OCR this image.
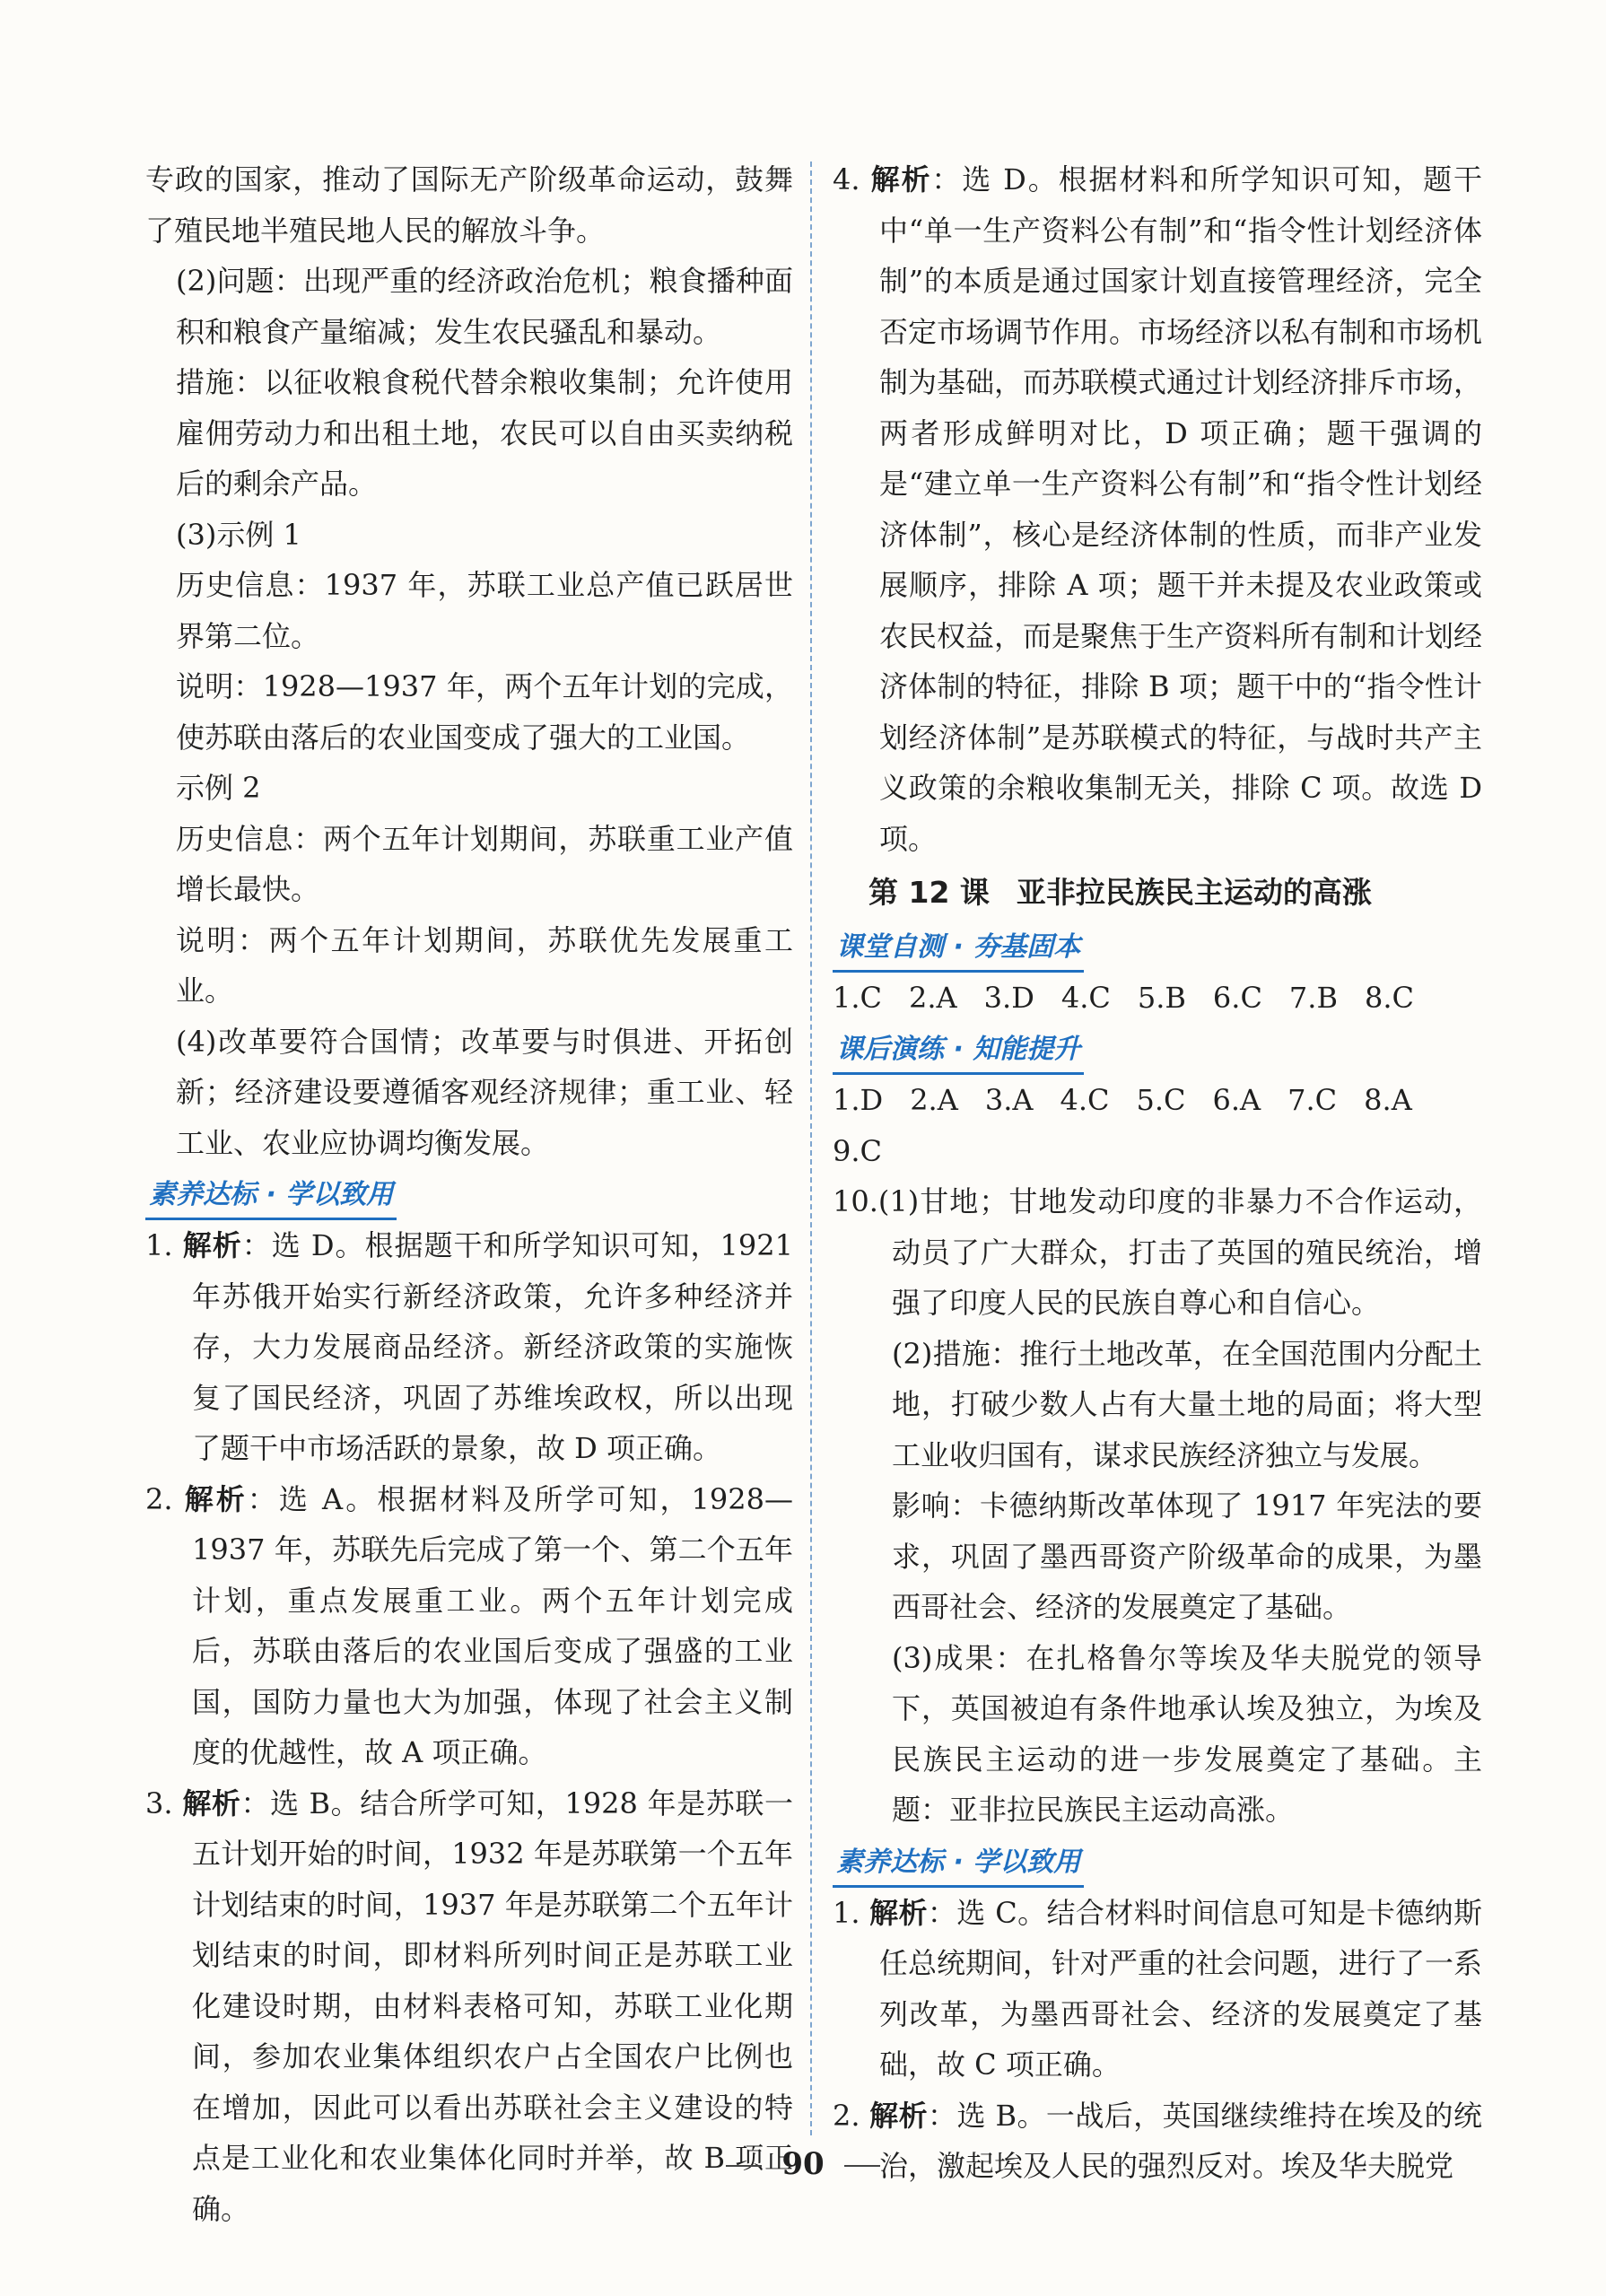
专政的国家，推动了国际无产阶级革命运动，鼓舞了殖民地半殖民地人民的解放斗争。

(2)问题：出现严重的经济政治危机；粮食播种面积和粮食产量缩减；发生农民骚乱和暴动。

措施：以征收粮食税代替余粮收集制；允许使用雇佣劳动力和出租土地，农民可以自由买卖纳税后的剩余产品。

(3)示例 1

历史信息：1937 年，苏联工业总产值已跃居世界第二位。

说明：1928—1937 年，两个五年计划的完成，使苏联由落后的农业国变成了强大的工业国。

示例 2

历史信息：两个五年计划期间，苏联重工业产值增长最快。

说明：两个五年计划期间，苏联优先发展重工业。

(4)改革要符合国情；改革要与时俱进、开拓创新；经济建设要遵循客观经济规律；重工业、轻工业、农业应协调均衡发展。

素养达标 · 学以致用

1. 解析：选 D。根据题干和所学知识可知，1921 年苏俄开始实行新经济政策，允许多种经济并存，大力发展商品经济。新经济政策的实施恢复了国民经济，巩固了苏维埃政权，所以出现了题干中市场活跃的景象，故 D 项正确。

2. 解析：选 A。根据材料及所学可知，1928—1937 年，苏联先后完成了第一个、第二个五年计划，重点发展重工业。两个五年计划完成后，苏联由落后的农业国后变成了强盛的工业国，国防力量也大为加强，体现了社会主义制度的优越性，故 A 项正确。

3. 解析：选 B。结合所学可知，1928 年是苏联一五计划开始的时间，1932 年是苏联第一个五年计划结束的时间，1937 年是苏联第二个五年计划结束的时间，即材料所列时间正是苏联工业化建设时期，由材料表格可知，苏联工业化期间，参加农业集体组织农户占全国农户比例也在增加，因此可以看出苏联社会主义建设的特点是工业化和农业集体化同时并举，故 B 项正确。

4. 解析：选 D。根据材料和所学知识可知，题干中“单一生产资料公有制”和“指令性计划经济体制”的本质是通过国家计划直接管理经济，完全否定市场调节作用。市场经济以私有制和市场机制为基础，而苏联模式通过计划经济排斥市场，两者形成鲜明对比，D 项正确；题干强调的是“建立单一生产资料公有制”和“指令性计划经济体制”，核心是经济体制的性质，而非产业发展顺序，排除 A 项；题干并未提及农业政策或农民权益，而是聚焦于生产资料所有制和计划经济体制的特征，排除 B 项；题干中的“指令性计划经济体制”是苏联模式的特征，与战时共产主义政策的余粮收集制无关，排除 C 项。故选 D 项。

第 12 课 亚非拉民族民主运动的高涨
课堂自测 · 夯基固本

1.C 2.A 3.D 4.C 5.B 6.C 7.B 8.C

课后演练 · 知能提升

1.D 2.A 3.A 4.C 5.C 6.A 7.C 8.A

9.C

10.(1)甘地；甘地发动印度的非暴力不合作运动，动员了广大群众，打击了英国的殖民统治，增强了印度人民的民族自尊心和自信心。

(2)措施：推行土地改革，在全国范围内分配土地，打破少数人占有大量土地的局面；将大型工业收归国有，谋求民族经济独立与发展。

影响：卡德纳斯改革体现了 1917 年宪法的要求，巩固了墨西哥资产阶级革命的成果，为墨西哥社会、经济的发展奠定了基础。

(3)成果：在扎格鲁尔等埃及华夫脱党的领导下，英国被迫有条件地承认埃及独立，为埃及民族民主运动的进一步发展奠定了基础。主题：亚非拉民族民主运动高涨。

素养达标 · 学以致用

1. 解析：选 C。结合材料时间信息可知是卡德纳斯任总统期间，针对严重的社会问题，进行了一系列改革，为墨西哥社会、经济的发展奠定了基础，故 C 项正确。

2. 解析：选 B。一战后，英国继续维持在埃及的统治，激起埃及人民的强烈反对。埃及华夫脱党

90
